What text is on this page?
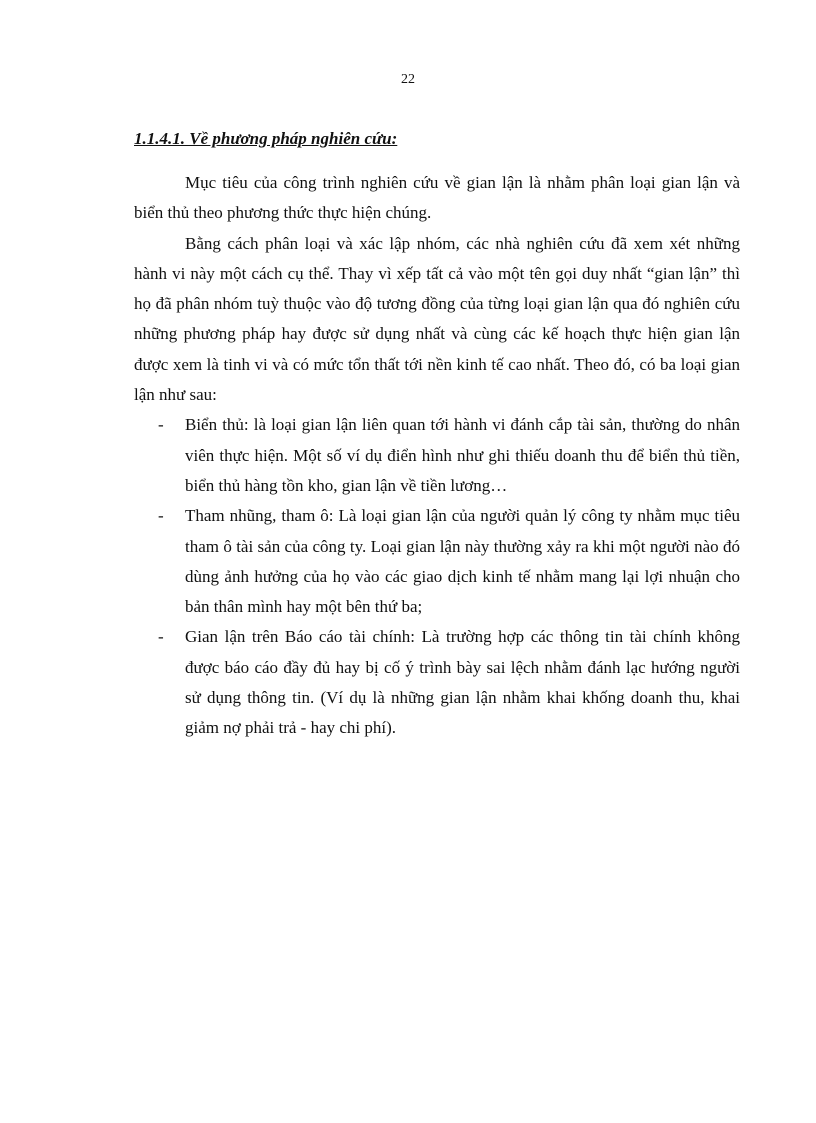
22
1.1.4.1. Về phương pháp nghiên cứu:

Mục tiêu của công trình nghiên cứu về gian lận là nhằm phân loại gian lận và biển thủ theo phương thức thực hiện chúng.

Bằng cách phân loại và xác lập nhóm, các nhà nghiên cứu đã xem xét những hành vi này một cách cụ thể. Thay vì xếp tất cả vào một tên gọi duy nhất “gian lận” thì họ đã phân nhóm tuỳ thuộc vào độ tương đồng của từng loại gian lận qua đó nghiên cứu những phương pháp hay được sử dụng nhất và cùng các kế hoạch thực hiện gian lận được xem là tinh vi và có mức tổn thất tới nền kinh tế cao nhất. Theo đó, có ba loại gian lận như sau:

- Biển thủ: là loại gian lận liên quan tới hành vi đánh cắp tài sản, thường do nhân viên thực hiện. Một số ví dụ điển hình như ghi thiếu doanh thu để biển thủ tiền, biển thủ hàng tồn kho, gian lận về tiền lương…
- Tham nhũng, tham ô: Là loại gian lận của người quản lý công ty nhằm mục tiêu tham ô tài sản của công ty. Loại gian lận này thường xảy ra khi một người nào đó dùng ảnh hưởng của họ vào các giao dịch kinh tế nhằm mang lại lợi nhuận cho bản thân mình hay một bên thứ ba;
- Gian lận trên Báo cáo tài chính: Là trường hợp các thông tin tài chính không được báo cáo đầy đủ hay bị cố ý trình bày sai lệch nhằm đánh lạc hướng người sử dụng thông tin. (Ví dụ là những gian lận nhằm khai khống doanh thu, khai giảm nợ phải trả - hay chi phí).
